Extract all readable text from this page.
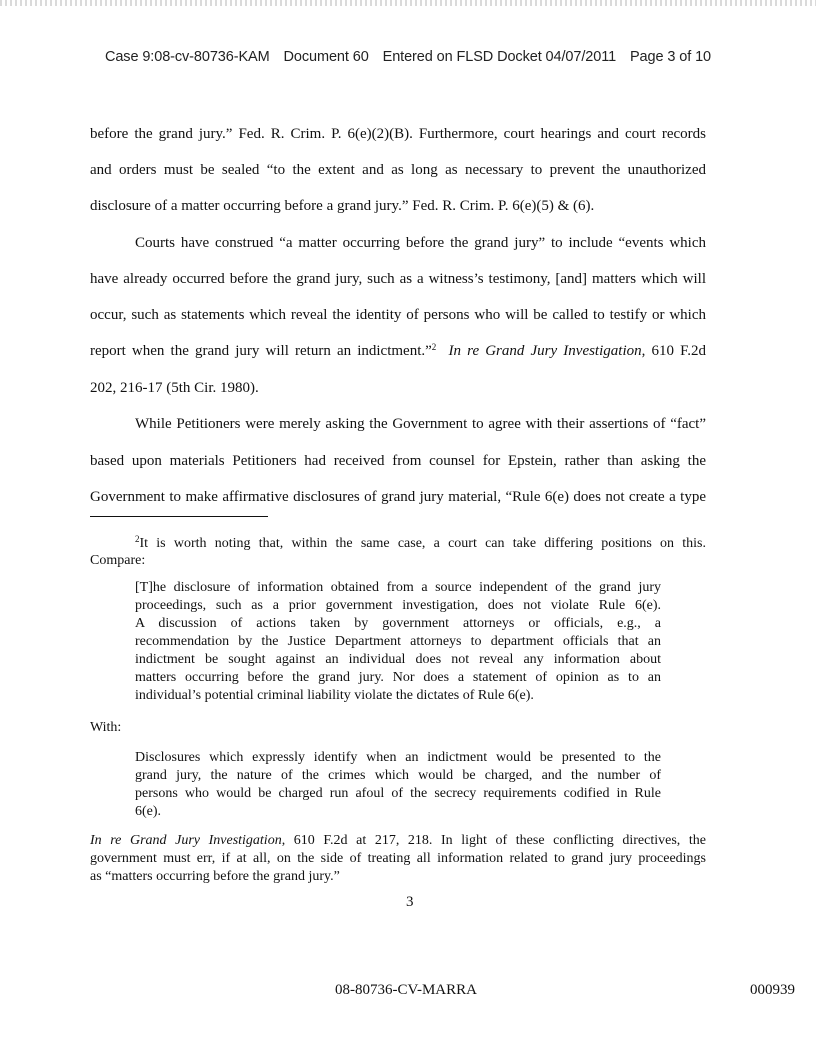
Case 9:08-cv-80736-KAM Document 60 Entered on FLSD Docket 04/07/2011 Page 3 of 10
before the grand jury.” Fed. R. Crim. P. 6(e)(2)(B). Furthermore, court hearings and court records
and orders must be sealed “to the extent and as long as necessary to prevent the unauthorized
disclosure of a matter occurring before a grand jury.” Fed. R. Crim. P. 6(e)(5) & (6).
Courts have construed “a matter occurring before the grand jury” to include “events which
have already occurred before the grand jury, such as a witness’s testimony, [and] matters which will
occur, such as statements which reveal the identity of persons who will be called to testify or which
report when the grand jury will return an indictment.”$^2$ In re Grand Jury Investigation, 610 F.2d
202, 216-17 (5th Cir. 1980).
While Petitioners were merely asking the Government to agree with their assertions of “fact”
based upon materials Petitioners had received from counsel for Epstein, rather than asking the
Government to make affirmative disclosures of grand jury material, “Rule 6(e) does not create a type
$^2$It is worth noting that, within the same case, a court can take differing positions on this.
Compare:
[T]he disclosure of information obtained from a source independent of the grand jury
proceedings, such as a prior government investigation, does not violate Rule 6(e).
A discussion of actions taken by government attorneys or officials, e.g., a
recommendation by the Justice Department attorneys to department officials that an
indictment be sought against an individual does not reveal any information about
matters occurring before the grand jury. Nor does a statement of opinion as to an
individual’s potential criminal liability violate the dictates of Rule 6(e).
With:
Disclosures which expressly identify when an indictment would be presented to the
grand jury, the nature of the crimes which would be charged, and the number of
persons who would be charged run afoul of the secrecy requirements codified in Rule
6(e).
In re Grand Jury Investigation, 610 F.2d at 217, 218. In light of these conflicting directives, the
government must err, if at all, on the side of treating all information related to grand jury proceedings
as “matters occurring before the grand jury.”
3
08-80736-CV-MARRA	000939
